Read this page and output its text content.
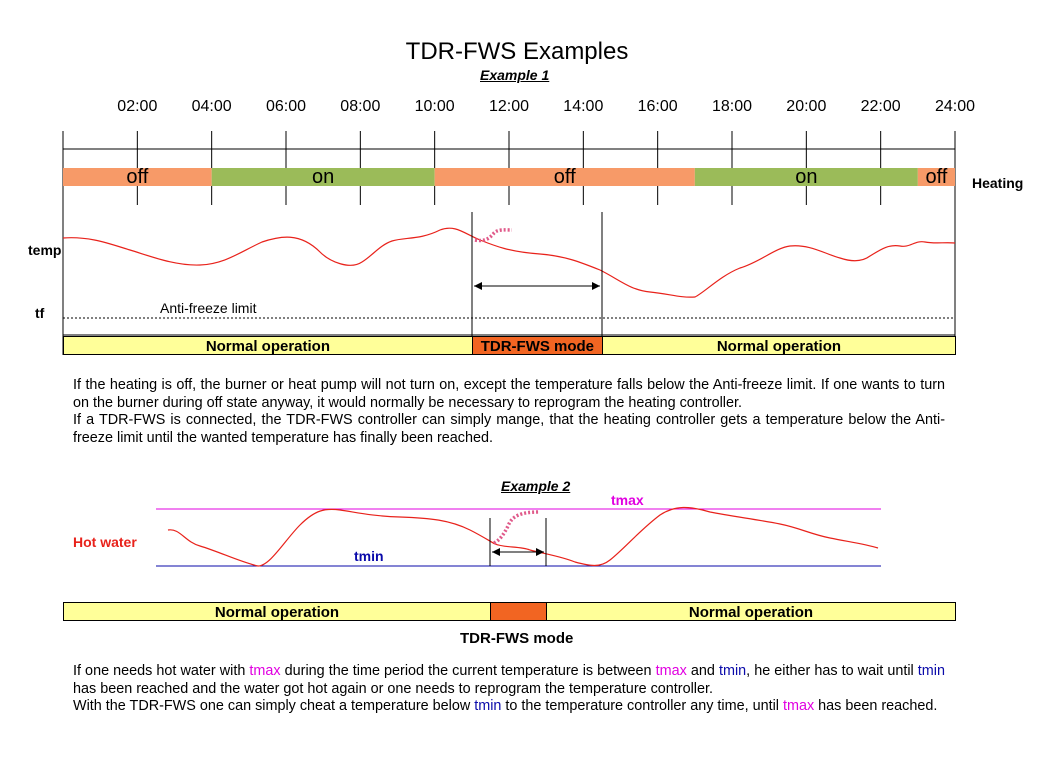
TDR-FWS Examples
Example 1
02:00	04:00	06:00	08:00	10:00	12:00	14:00	16:00	18:00	20:00	22:00	24:00
off	on	off	on	off	Heating
temp
tf	Anti-freeze limit
Normal operation	TDR-FWS mode	Normal operation

If the heating is off, the burner or heat pump will not turn on, except the temperature falls below the Anti-freeze limit. If one wants to turn on the burner during off state anyway, it would normally be necessary to reprogram the heating controller.

If a TDR-FWS is connected, the TDR-FWS controller can simply mange, that the heating controller gets a temperature below the Anti-freeze limit until the wanted temperature has finally been reached.

Example 2
tmax
tmin
Hot water
Normal operation	Normal operation
TDR-FWS mode

If one needs hot water with tmax during the time period the current temperature is between tmax and tmin, he either has to wait until tmin has been reached and the water got hot again or one needs to reprogram the temperature controller.

With the TDR-FWS one can simply cheat a temperature below tmin to the temperature controller any time, until tmax has been reached.
